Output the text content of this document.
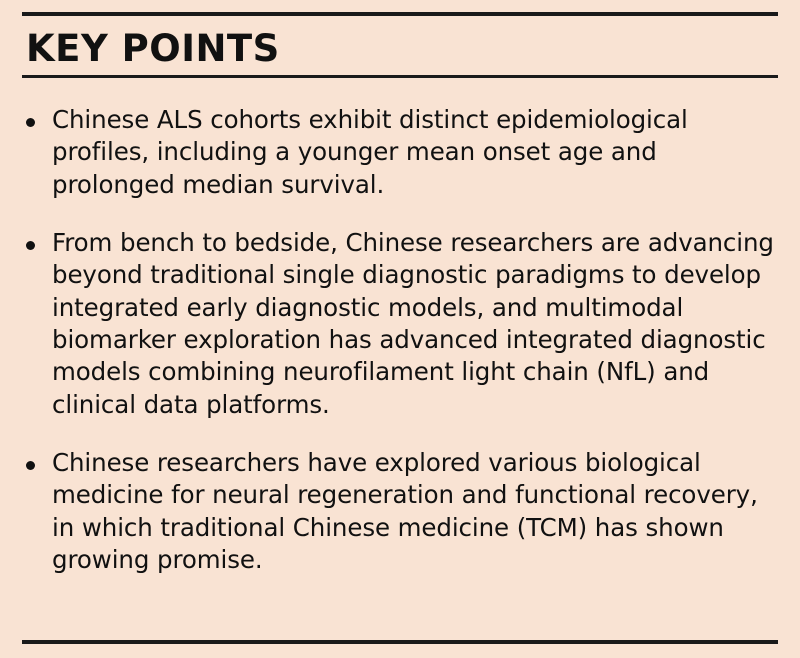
KEY POINTS
Chinese ALS cohorts exhibit distinct epidemiological profiles, including a younger mean onset age and prolonged median survival.
From bench to bedside, Chinese researchers are advancing beyond traditional single diagnostic paradigms to develop integrated early diagnostic models, and multimodal biomarker exploration has advanced integrated diagnostic models combining neurofilament light chain (NfL) and clinical data platforms.
Chinese researchers have explored various biological medicine for neural regeneration and functional recovery, in which traditional Chinese medicine (TCM) has shown growing promise.
